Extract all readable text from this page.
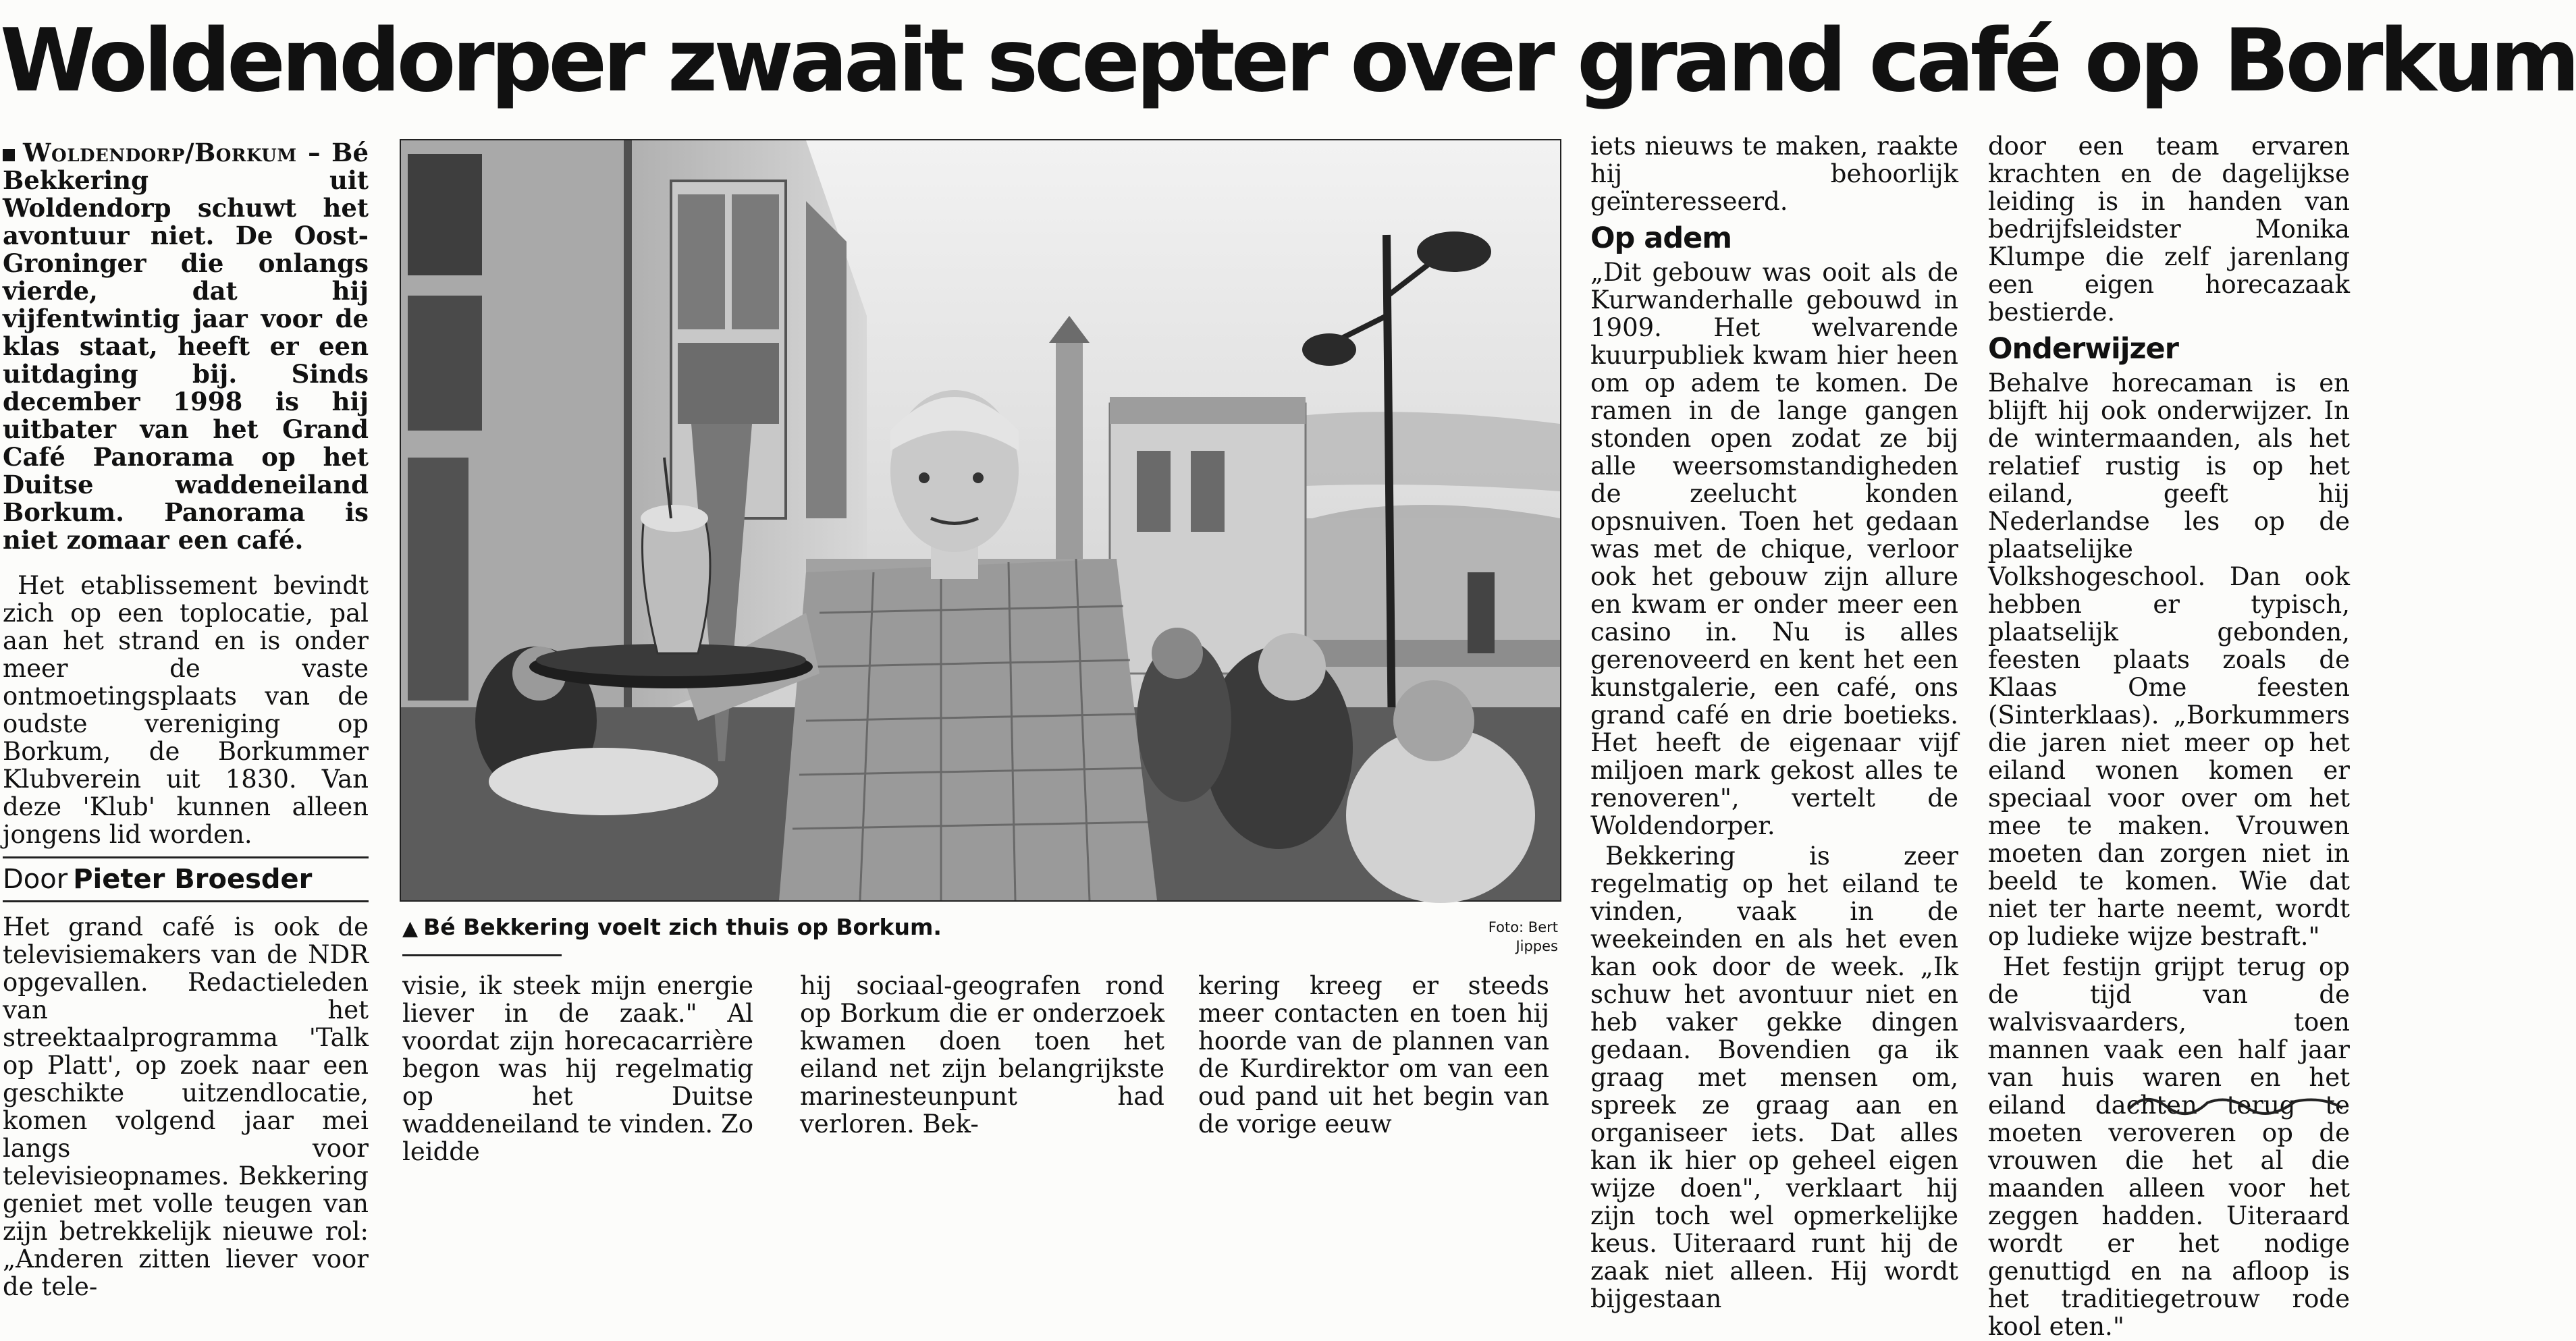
Woldendorper zwaait scepter over grand café op Borkum
Woldendorp/Borkum – Bé Bekkering uit Woldendorp schuwt het avontuur niet. De Oost-Groninger die onlangs vierde, dat hij vijfentwintig jaar voor de klas staat, heeft er een uitdaging bij. Sinds december 1998 is hij uitbater van het Grand Café Panorama op het Duitse waddeneiland Borkum. Panorama is niet zomaar een café.

Het etablissement bevindt zich op een toplocatie, pal aan het strand en is onder meer de vaste ontmoetingsplaats van de oudste vereniging op Borkum, de Borkummer Klubverein uit 1830. Van deze 'Klub' kunnen alleen jongens lid worden.

Door Pieter Broesder

Het grand café is ook de televisiemakers van de NDR opgevallen. Redactieleden van het streektaalprogramma 'Talk op Platt', op zoek naar een geschikte uitzendlocatie, komen volgend jaar mei langs voor televisieopnames. Bekkering geniet met volle teugen van zijn betrekkelijk nieuwe rol: „Anderen zitten liever voor de tele-

▲ Bé Bekkering voelt zich thuis op Borkum.	Foto: Bert Jippes

visie, ik steek mijn energie liever in de zaak." Al voordat zijn horecacarrière begon was hij regelmatig op het Duitse waddeneiland te vinden. Zo leidde

hij sociaal-geografen rond op Borkum die er onderzoek kwamen doen toen het eiland net zijn belangrijkste marinesteunpunt had verloren. Bek-

kering kreeg er steeds meer contacten en toen hij hoorde van de plannen van de Kurdirektor om van een oud pand uit het begin van de vorige eeuw

iets nieuws te maken, raakte hij behoorlijk geïnteresseerd.

Op adem

„Dit gebouw was ooit als de Kurwanderhalle gebouwd in 1909. Het welvarende kuurpubliek kwam hier heen om op adem te komen. De ramen in de lange gangen stonden open zodat ze bij alle weersomstandigheden de zeelucht konden opsnuiven. Toen het gedaan was met de chique, verloor ook het gebouw zijn allure en kwam er onder meer een casino in. Nu is alles gerenoveerd en kent het een kunstgalerie, een café, ons grand café en drie boetieks. Het heeft de eigenaar vijf miljoen mark gekost alles te renoveren", vertelt de Woldendorper.

Bekkering is zeer regelmatig op het eiland te vinden, vaak in de weekeinden en als het even kan ook door de week. „Ik schuw het avontuur niet en heb vaker gekke dingen gedaan. Bovendien ga ik graag met mensen om, spreek ze graag aan en organiseer iets. Dat alles kan ik hier op geheel eigen wijze doen", verklaart hij zijn toch wel opmerkelijke keus. Uiteraard runt hij de zaak niet alleen. Hij wordt bijgestaan

door een team ervaren krachten en de dagelijkse leiding is in handen van bedrijfsleidster Monika Klumpe die zelf jarenlang een eigen horecazaak bestierde.

Onderwijzer

Behalve horecaman is en blijft hij ook onderwijzer. In de wintermaanden, als het relatief rustig is op het eiland, geeft hij Nederlandse les op de plaatselijke Volkshogeschool. Dan ook hebben er typisch, plaatselijk gebonden, feesten plaats zoals de Klaas Ome feesten (Sinterklaas). „Borkummers die jaren niet meer op het eiland wonen komen er speciaal voor over om het mee te maken. Vrouwen moeten dan zorgen niet in beeld te komen. Wie dat niet ter harte neemt, wordt op ludieke wijze bestraft."

Het festijn grijpt terug op de tijd van de walvisvaarders, toen mannen vaak een half jaar van huis waren en het eiland dachten terug te moeten veroveren op de vrouwen die het al die maanden alleen voor het zeggen hadden. Uiteraard wordt er het nodige genuttigd en na afloop is het traditiegetrouw rode kool eten."
